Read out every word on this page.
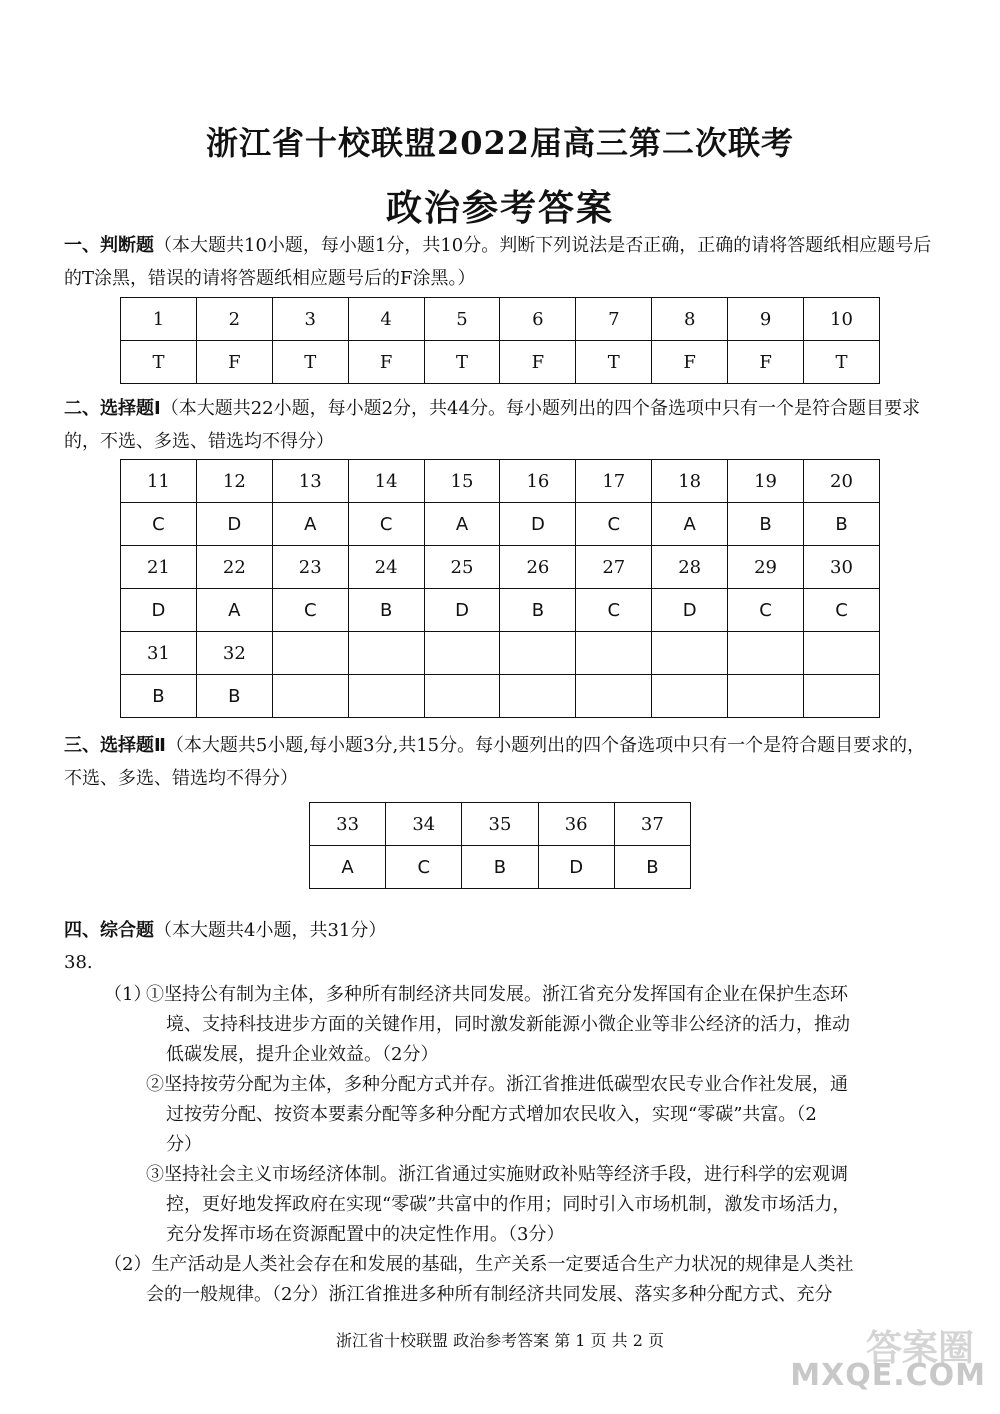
浙江省十校联盟2022届高三第二次联考
政治参考答案
一、判断题（本大题共10小题，每小题1分，共10分。判断下列说法是否正确，正确的请将答题纸相应题号后的T涂黑，错误的请将答题纸相应题号后的F涂黑。）
1	2	3	4	5	6	7	8	9	10
T	F	T	F	T	F	T	F	F	T
二、选择题Ⅰ（本大题共22小题，每小题2分，共44分。每小题列出的四个备选项中只有一个是符合题目要求的，不选、多选、错选均不得分）
11	12	13	14	15	16	17	18	19	20
C	D	A	C	A	D	C	A	B	B
21	22	23	24	25	26	27	28	29	30
D	A	C	B	D	B	C	D	C	C
31	32								
B	B								
三、选择题Ⅱ（本大题共5小题,每小题3分,共15分。每小题列出的四个备选项中只有一个是符合题目要求的，不选、多选、错选均不得分）
33	34	35	36	37
A	C	B	D	B
四、综合题（本大题共4小题，共31分）
38.
（1）
①坚持公有制为主体，多种所有制经济共同发展。浙江省充分发挥国有企业在保护生态环
境、支持科技进步方面的关键作用，同时激发新能源小微企业等非公经济的活力，推动
低碳发展，提升企业效益。（2分）
②坚持按劳分配为主体，多种分配方式并存。浙江省推进低碳型农民专业合作社发展，通
过按劳分配、按资本要素分配等多种分配方式增加农民收入，实现“零碳”共富。（2
分）
③坚持社会主义市场经济体制。浙江省通过实施财政补贴等经济手段，进行科学的宏观调
控，更好地发挥政府在实现“零碳”共富中的作用；同时引入市场机制，激发市场活力，
充分发挥市场在资源配置中的决定性作用。（3分）
（2）生产活动是人类社会存在和发展的基础，生产关系一定要适合生产力状况的规律是人类社
会的一般规律。（2分）浙江省推进多种所有制经济共同发展、落实多种分配方式、充分
浙江省十校联盟 政治参考答案 第 1 页 共 2 页	答案圈
MXQE.COM
